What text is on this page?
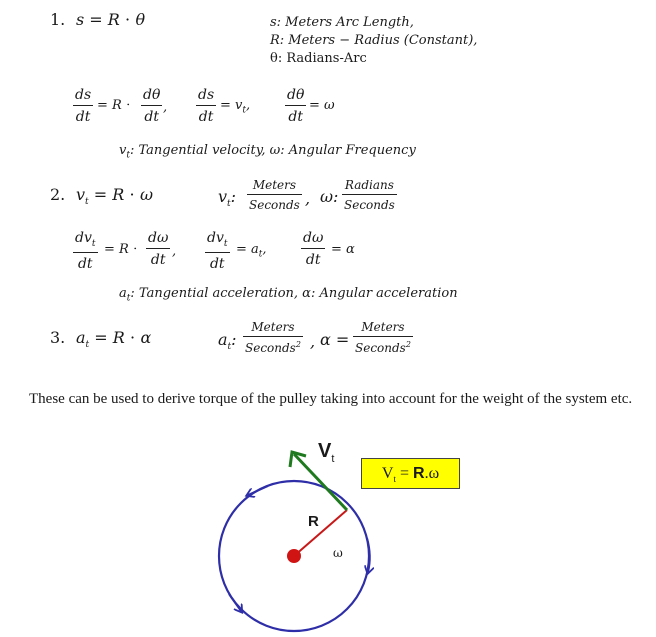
1. s = R ⋅ θ	s: Meters Arc Length,
R: Meters − Radius (Constant),
θ: Radians-Arc
ds
dt
= R ⋅
dθ
dt
,
ds
dt
= $v_t$,
dθ
dt
= ω
$v_t$: Tangential velocity, ω: Angular Frequency
2. $v_t = R \cdot \omega$	$v_t$:
Meters
Seconds , ω:
Radians
Seconds
$dv_t$
dt
= R ⋅
dω
dt
,
$dv_t$
dt
= $a_t$,
dω
dt
= α
$a_t$: Tangential acceleration, α: Angular acceleration
3. $a_t = R \cdot \alpha$	$a_t$:
Meters
Seconds$^2$ , α =
Meters
Seconds$^2$
These can be used to derive torque of the pulley taking into account for the weight of the system etc.
$V_t$
R
ω
$V_t = R.\omega$
